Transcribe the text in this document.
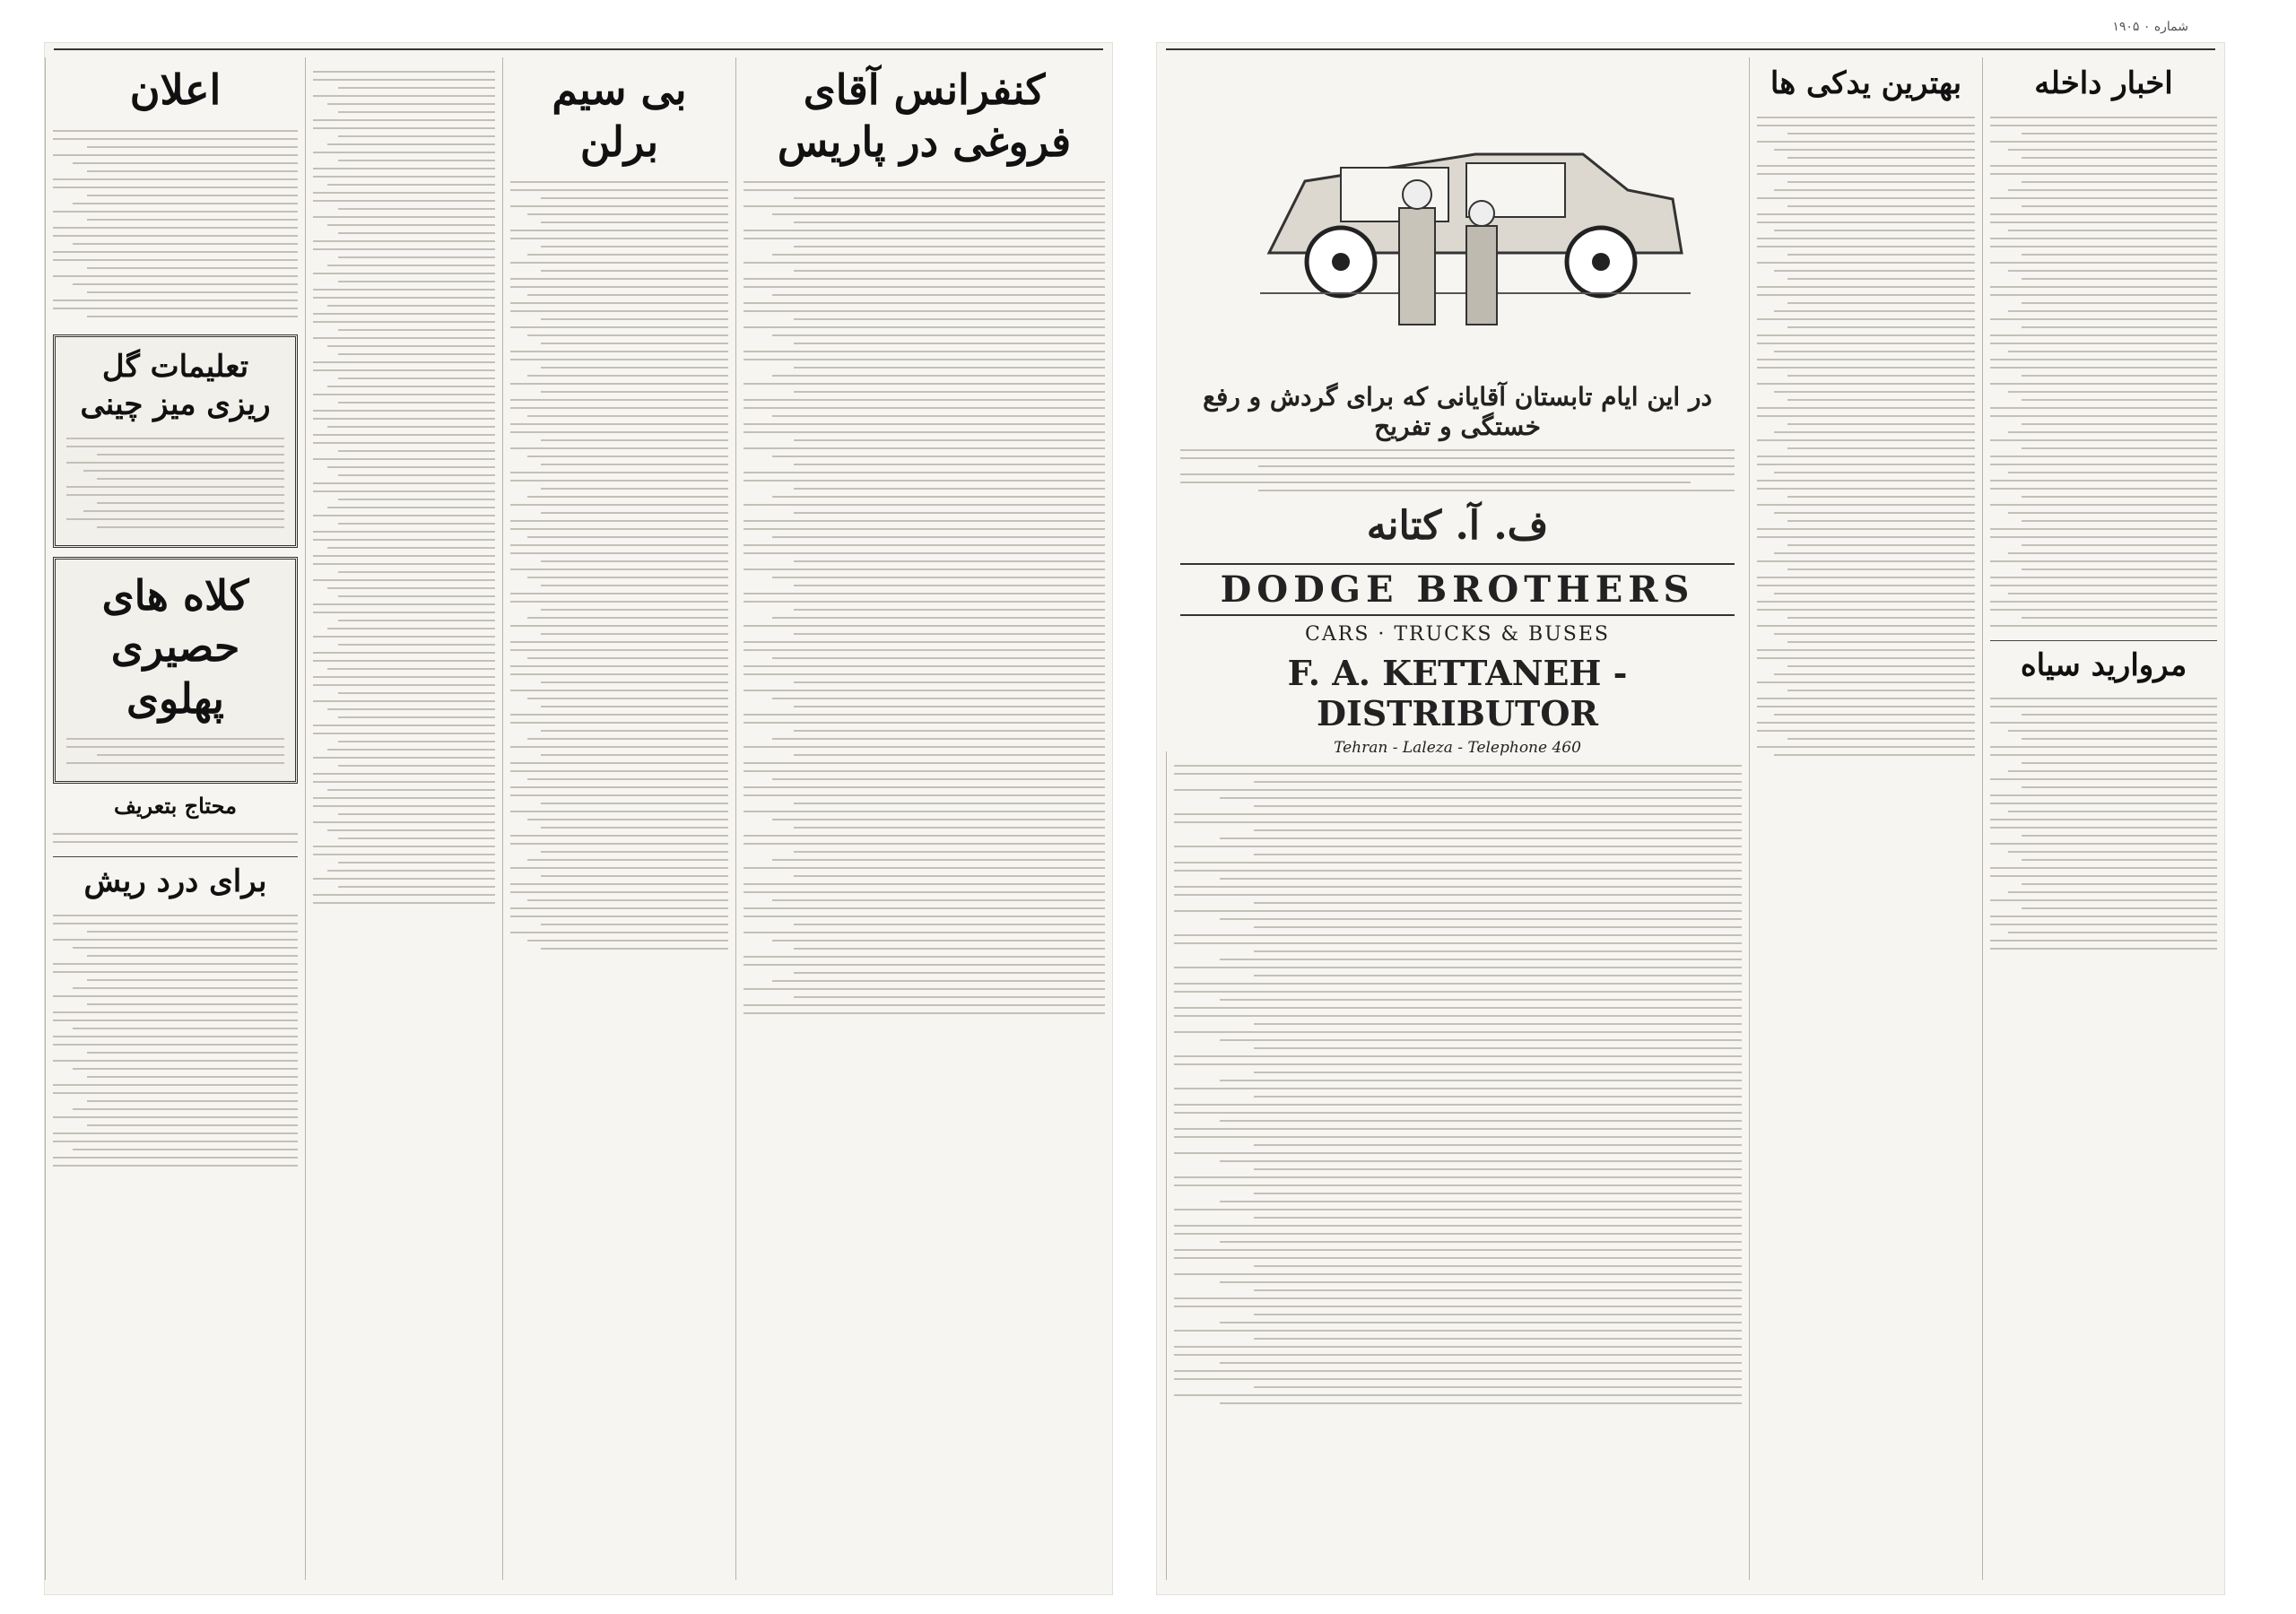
اعلان
تعلیمات گل ریزی میز چینی
کلاه های حصیری پهلوی
محتاج بتعریف
برای درد ریش
بی سیم برلن
کنفرانس آقای فروغی در پاریس
۱۹۰۵ ۰ شماره
در این ایام تابستان آقایانی که برای گردش و رفع خستگی و تفریح
ف. آ. کتانه
DODGE BROTHERS
CARS · TRUCKS & BUSES
F. A. KETTANEH - DISTRIBUTOR
Tehran - Laleza - Telephone 460
بهترین یدکی ها	اخبار داخله
مروارید سیاه
